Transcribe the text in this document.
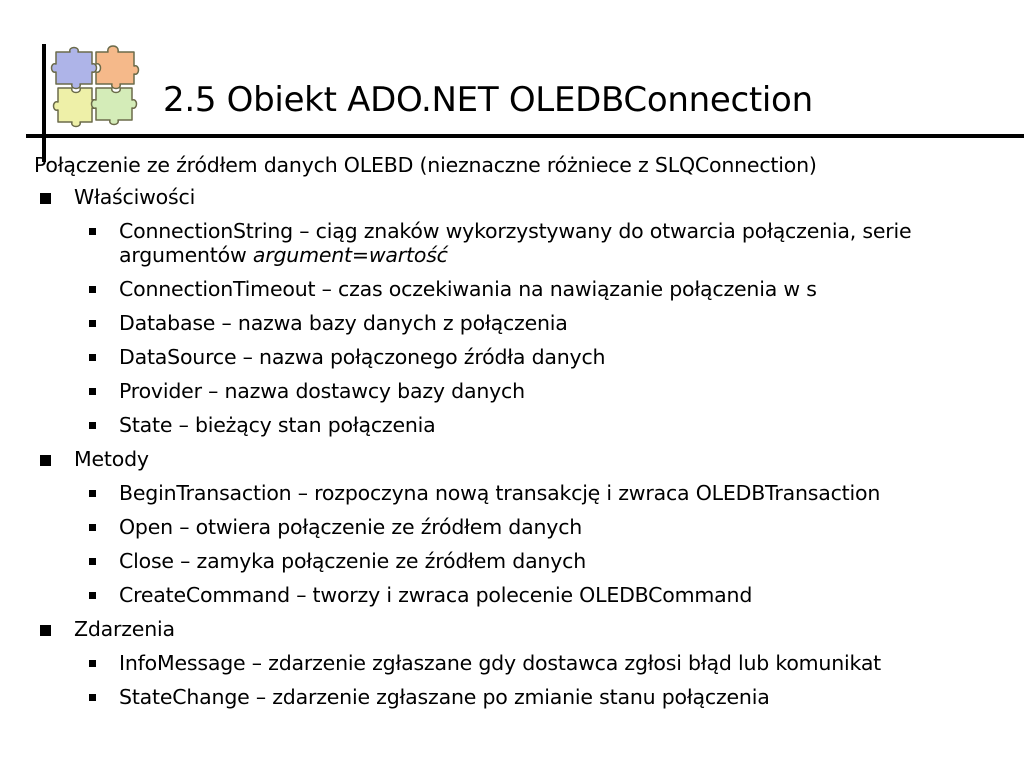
2.5 Obiekt ADO.NET OLEDBConnection
Połączenie ze źródłem danych OLEBD (nieznaczne różniece z SLQConnection)
Właściwości
ConnectionString – ciąg znaków wykorzystywany do otwarcia połączenia, serie argumentów argument=wartość
ConnectionTimeout – czas oczekiwania na nawiązanie połączenia w s
Database – nazwa bazy danych z połączenia
DataSource – nazwa połączonego źródła danych
Provider – nazwa dostawcy bazy danych
State – bieżący stan połączenia
Metody
BeginTransaction – rozpoczyna nową transakcję i zwraca OLEDBTransaction
Open – otwiera połączenie ze źródłem danych
Close – zamyka połączenie ze źródłem danych
CreateCommand – tworzy i zwraca polecenie OLEDBCommand
Zdarzenia
InfoMessage – zdarzenie zgłaszane gdy dostawca zgłosi błąd lub komunikat
StateChange – zdarzenie zgłaszane po zmianie stanu połączenia
